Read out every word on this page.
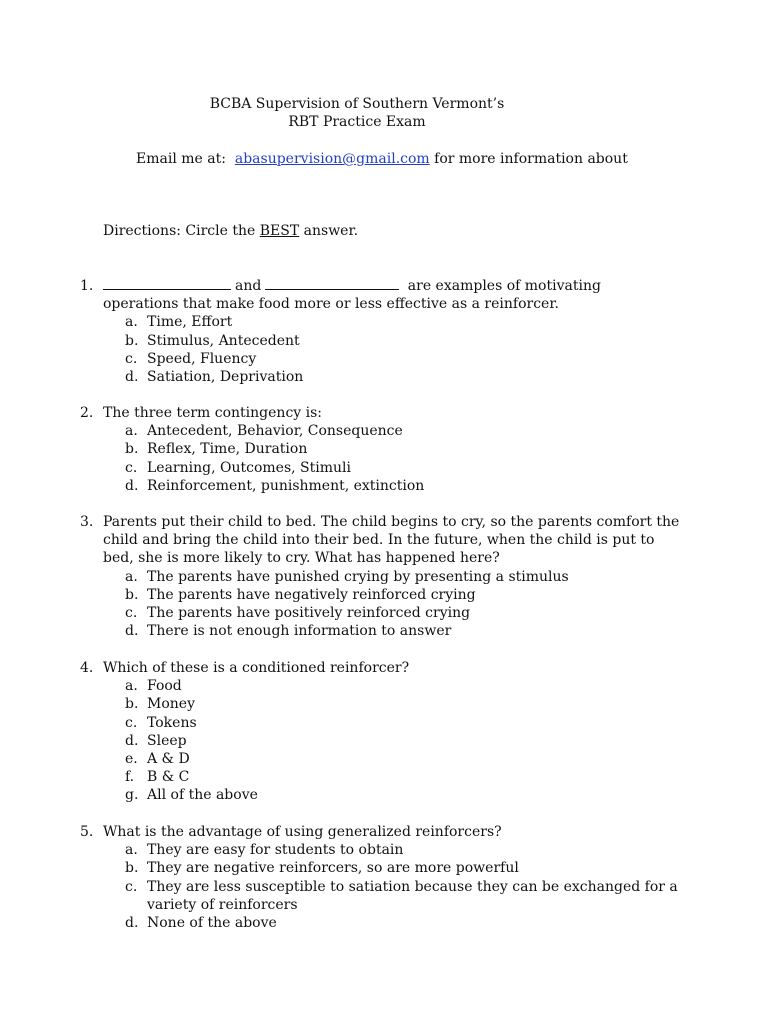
BCBA Supervision of Southern Vermont’s
RBT Practice Exam
Email me at: abasupervision@gmail.com for more information about
Directions: Circle the BEST answer.
1.	and	are examples of motivating operations that make food more or less effective as a reinforcer.
a. Time, Effort
b. Stimulus, Antecedent
c. Speed, Fluency
d. Satiation, Deprivation
2. The three term contingency is:
a. Antecedent, Behavior, Consequence
b. Reflex, Time, Duration
c. Learning, Outcomes, Stimuli
d. Reinforcement, punishment, extinction
3. Parents put their child to bed. The child begins to cry, so the parents comfort the child and bring the child into their bed. In the future, when the child is put to bed, she is more likely to cry. What has happened here?
a. The parents have punished crying by presenting a stimulus
b. The parents have negatively reinforced crying
c. The parents have positively reinforced crying
d. There is not enough information to answer
4. Which of these is a conditioned reinforcer?
a. Food
b. Money
c. Tokens
d. Sleep
e. A & D
f. B & C
g. All of the above
5. What is the advantage of using generalized reinforcers?
a. They are easy for students to obtain
b. They are negative reinforcers, so are more powerful
c. They are less susceptible to satiation because they can be exchanged for a variety of reinforcers
d. None of the above
